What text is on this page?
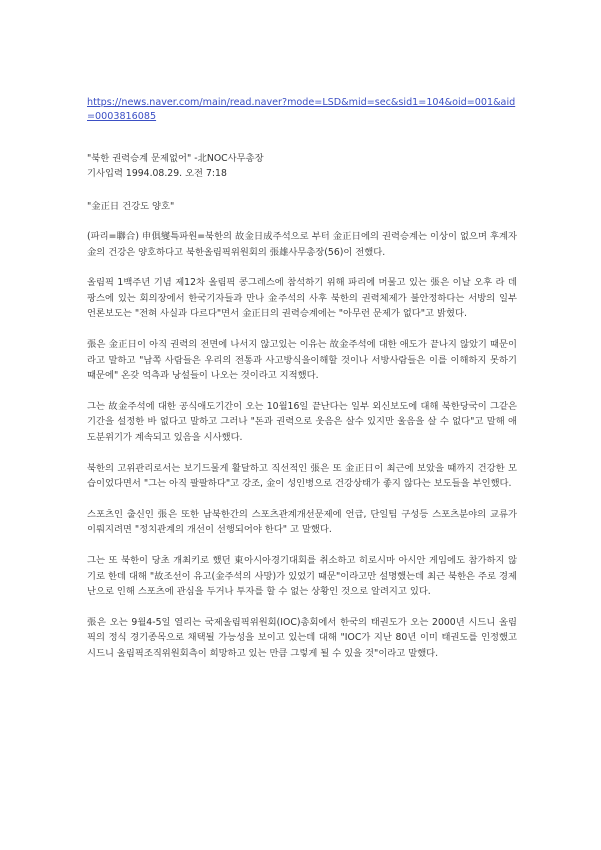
https://news.naver.com/main/read.naver?mode=LSD&mid=sec&sid1=104&oid=001&aid=0003816085

"북한 권력승계 문제없어" -北NOC사무총장
기사입력 1994.08.29. 오전 7:18
"金正日 건강도 양호"

(파리=聯合) 申俱燮특파원=북한의 故金日成주석으로 부터 金正日에의 권력승계는 이상이 없으며 후계자 金의 건강은 양호하다고 북한올림픽위원회의 張雄사무총장(56)이 전했다.

올림픽 1백주년 기념 제12차 올림픽 콩그레스에 참석하기 위해 파리에 머물고 있는 張은 이날 오후 라 데팡스에 있는 회의장에서 한국기자들과 만나 金주석의 사후 북한의 권력체제가 불안정하다는 서방의 일부 언론보도는 "전혀 사실과 다르다"면서 金正日의 권력승계에는 "아무런 문제가 없다"고 밝혔다.

張은 金正日이 아직 권력의 전면에 나서지 않고있는 이유는 故金주석에 대한 애도가 끝나지 않았기 때문이라고 말하고 "남쪽 사람들은 우리의 전통과 사고방식을이해할 것이나 서방사람들은 이를 이해하지 못하기 때문에" 온갖 억측과 낭설들이 나오는 것이라고 지적했다.

그는 故金주석에 대한 공식애도기간이 오는 10월16일 끝난다는 일부 외신보도에 대해 북한당국이 그같은 기간을 설정한 바 없다고 말하고 그러나 "돈과 권력으로 웃음은 살수 있지만 울음을 살 수 없다"고 말해 애도분위기가 계속되고 있음을 시사했다.

북한의 고위관리로서는 보기드물게 활달하고 직선적인 張은 또 金正日이 최근에 보았을 때까지 건강한 모습이었다면서 "그는 아직 팔팔하다"고 강조, 金이 성인병으로 건강상태가 좋지 않다는 보도들을 부인했다.

스포츠인 출신인 張은 또한 남북한간의 스포츠관계개선문제에 언급, 단일팀 구성등 스포츠분야의 교류가 이뤄지려면 "정치관계의 개선이 선행되어야 한다" 고 말했다.

그는 또 북한이 당초 개최키로 했던 東아시아경기대회를 취소하고 히로시마 아시안 게임에도 참가하지 않기로 한데 대해 "故조선이 유고(金주석의 사망)가 있었기 때문"이라고만 설명했는데 최근 북한은 주로 경제난으로 인해 스포츠에 관심을 두거나 투자를 할 수 없는 상황인 것으로 알려지고 있다.

張은 오는 9월4-5일 열리는 국제올림픽위원회(IOC)총회에서 한국의 태권도가 오는 2000년 시드니 올림픽의 정식 경기종목으로 채택될 가능성을 보이고 있는데 대해 "IOC가 지난 80년 이미 태권도를 인정했고 시드니 올림픽조직위원회측이 희망하고 있는 만큼 그렇게 될 수 있을 것"이라고 말했다.
